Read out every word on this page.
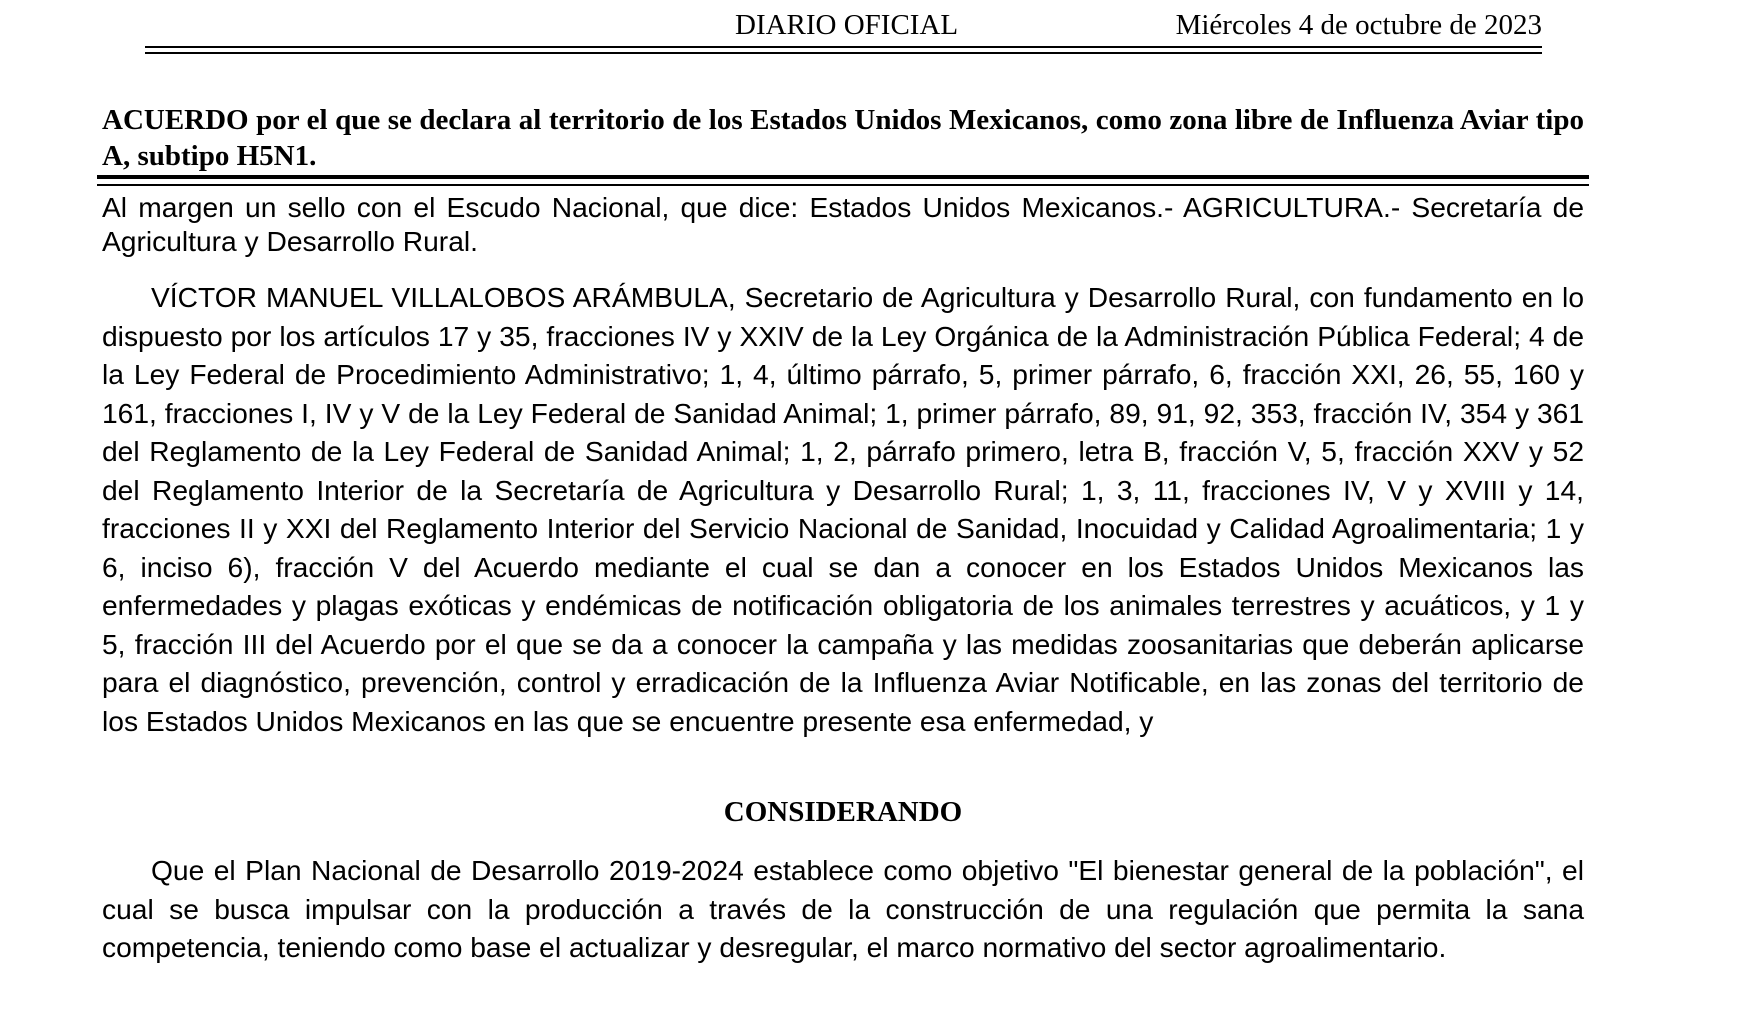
DIARIO OFICIAL	Miércoles 4 de octubre de 2023
ACUERDO por el que se declara al territorio de los Estados Unidos Mexicanos, como zona libre de Influenza Aviar tipo A, subtipo H5N1.
Al margen un sello con el Escudo Nacional, que dice: Estados Unidos Mexicanos.- AGRICULTURA.- Secretaría de Agricultura y Desarrollo Rural.
VÍCTOR MANUEL VILLALOBOS ARÁMBULA, Secretario de Agricultura y Desarrollo Rural, con fundamento en lo dispuesto por los artículos 17 y 35, fracciones IV y XXIV de la Ley Orgánica de la Administración Pública Federal; 4 de la Ley Federal de Procedimiento Administrativo; 1, 4, último párrafo, 5, primer párrafo, 6, fracción XXI, 26, 55, 160 y 161, fracciones I, IV y V de la Ley Federal de Sanidad Animal; 1, primer párrafo, 89, 91, 92, 353, fracción IV, 354 y 361 del Reglamento de la Ley Federal de Sanidad Animal; 1, 2, párrafo primero, letra B, fracción V, 5, fracción XXV y 52 del Reglamento Interior de la Secretaría de Agricultura y Desarrollo Rural; 1, 3, 11, fracciones IV, V y XVIII y 14, fracciones II y XXI del Reglamento Interior del Servicio Nacional de Sanidad, Inocuidad y Calidad Agroalimentaria; 1 y 6, inciso 6), fracción V del Acuerdo mediante el cual se dan a conocer en los Estados Unidos Mexicanos las enfermedades y plagas exóticas y endémicas de notificación obligatoria de los animales terrestres y acuáticos, y 1 y 5, fracción III del Acuerdo por el que se da a conocer la campaña y las medidas zoosanitarias que deberán aplicarse para el diagnóstico, prevención, control y erradicación de la Influenza Aviar Notificable, en las zonas del territorio de los Estados Unidos Mexicanos en las que se encuentre presente esa enfermedad, y
CONSIDERANDO
Que el Plan Nacional de Desarrollo 2019-2024 establece como objetivo "El bienestar general de la población", el cual se busca impulsar con la producción a través de la construcción de una regulación que permita la sana competencia, teniendo como base el actualizar y desregular, el marco normativo del sector agroalimentario.
